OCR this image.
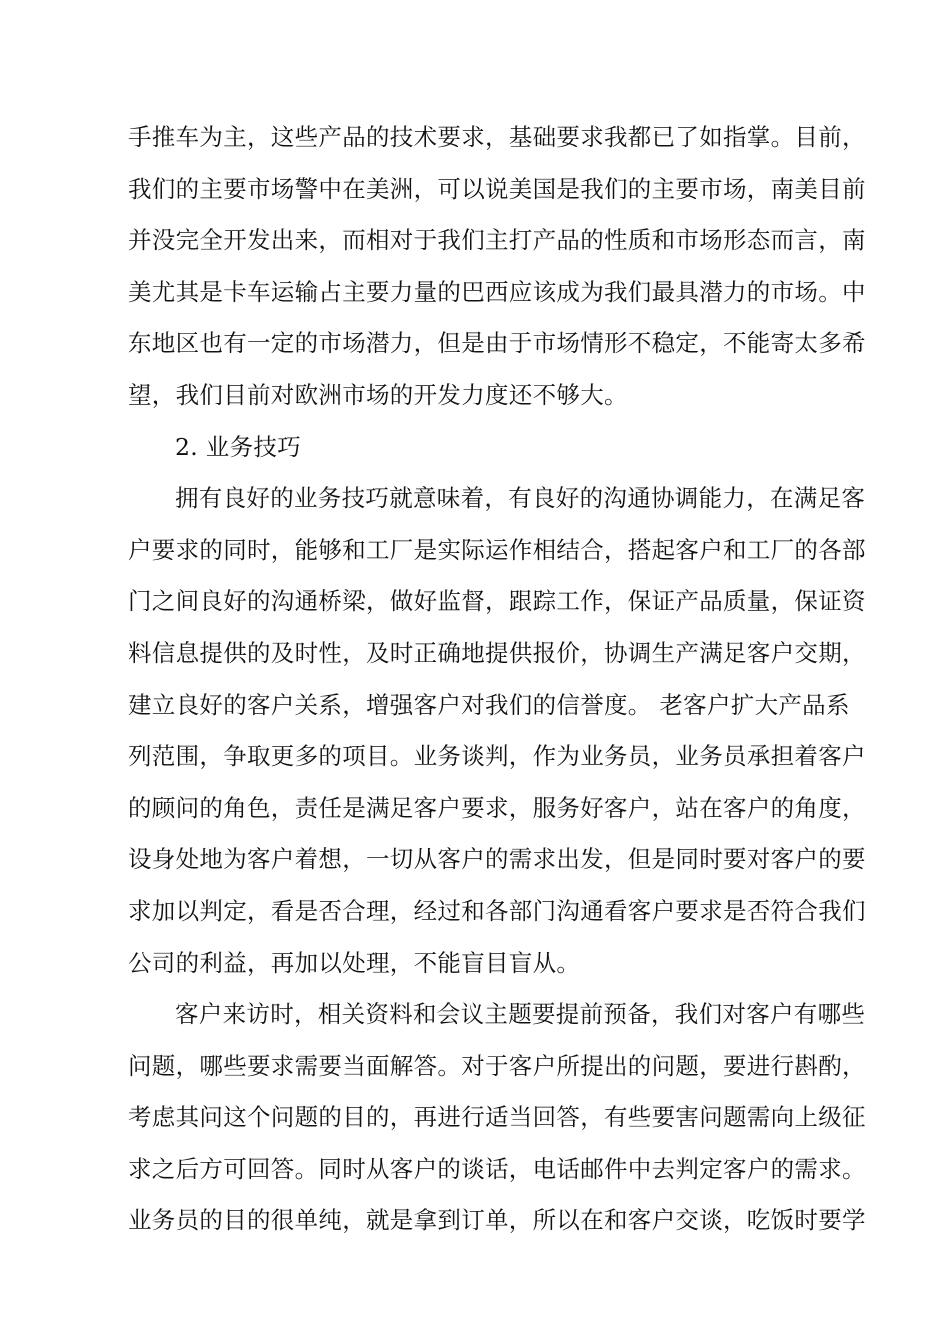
手推车为主，这些产品的技术要求，基础要求我都已了如指掌。目前，
我们的主要市场警中在美洲，可以说美国是我们的主要市场，南美目前
并没完全开发出来，而相对于我们主打产品的性质和市场形态而言，南
美尤其是卡车运输占主要力量的巴西应该成为我们最具潜力的市场。中
东地区也有一定的市场潜力，但是由于市场情形不稳定，不能寄太多希
望，我们目前对欧洲市场的开发力度还不够大。
2. 业务技巧
拥有良好的业务技巧就意味着，有良好的沟通协调能力，在满足客
户要求的同时，能够和工厂是实际运作相结合，搭起客户和工厂的各部
门之间良好的沟通桥梁，做好监督，跟踪工作，保证产品质量，保证资
料信息提供的及时性，及时正确地提供报价，协调生产满足客户交期，
建立良好的客户关系，增强客户对我们的信誉度。 老客户扩大产品系
列范围，争取更多的项目。业务谈判，作为业务员，业务员承担着客户
的顾问的角色，责任是满足客户要求，服务好客户，站在客户的角度，
设身处地为客户着想，一切从客户的需求出发，但是同时要对客户的要
求加以判定，看是否合理，经过和各部门沟通看客户要求是否符合我们
公司的利益，再加以处理，不能盲目盲从。
客户来访时，相关资料和会议主题要提前预备，我们对客户有哪些
问题，哪些要求需要当面解答。对于客户所提出的问题，要进行斟酌，
考虑其问这个问题的目的，再进行适当回答，有些要害问题需向上级征
求之后方可回答。同时从客户的谈话，电话邮件中去判定客户的需求。
业务员的目的很单纯，就是拿到订单，所以在和客户交谈，吃饭时要学
